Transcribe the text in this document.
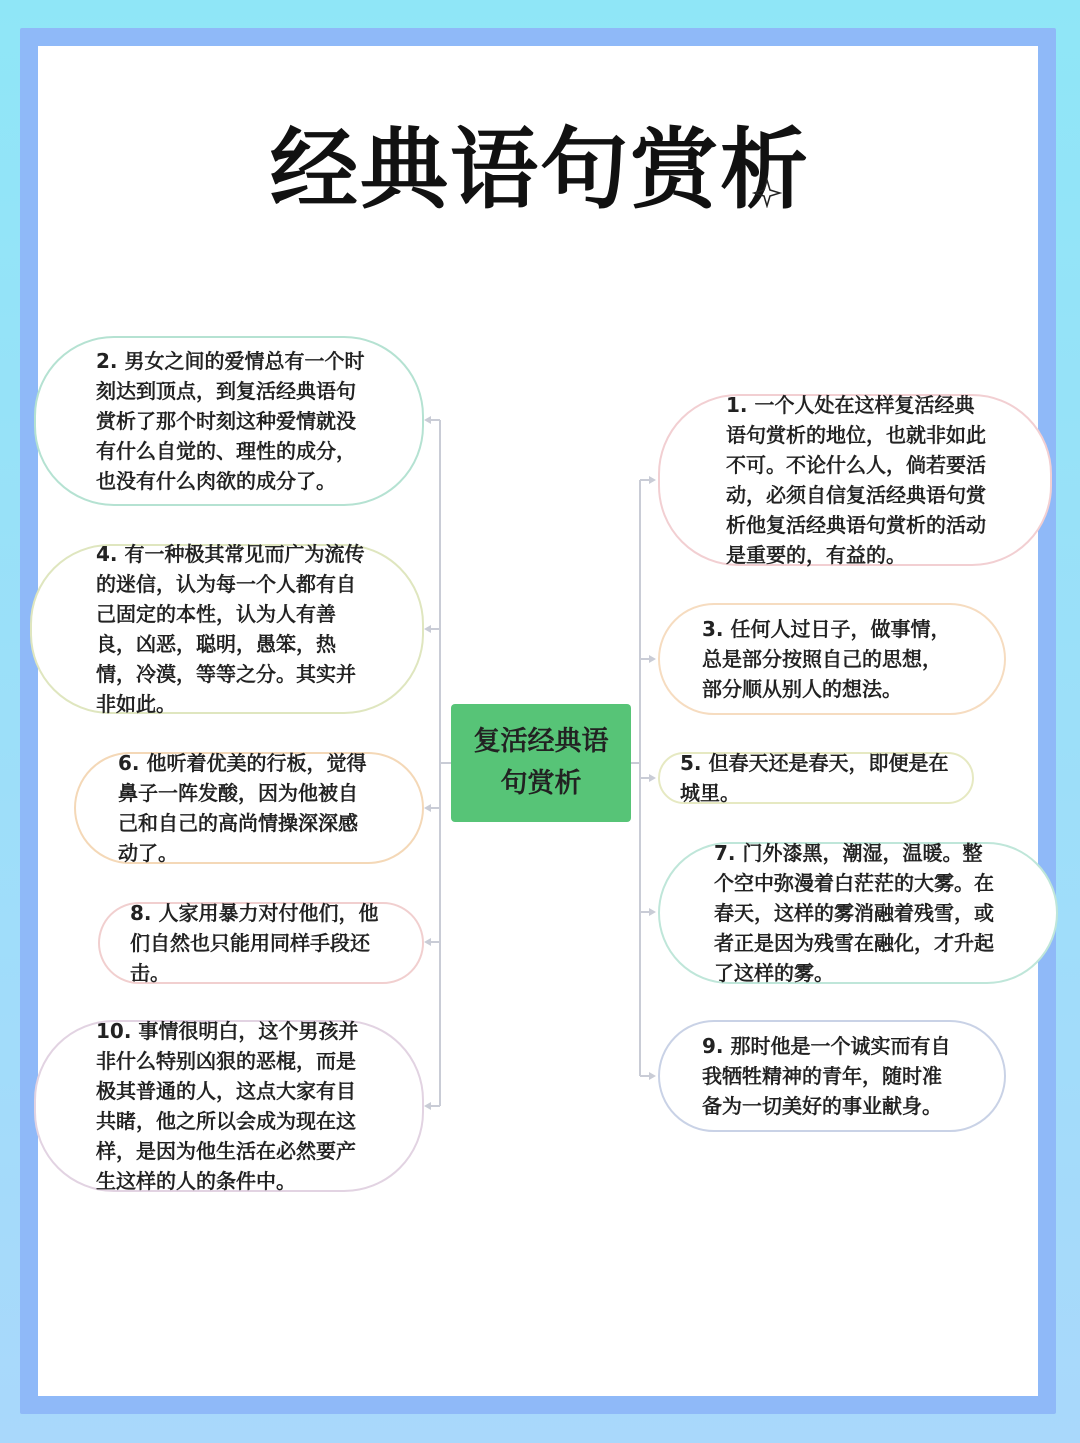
经典语句赏析
复活经典语句赏析
2. 男女之间的爱情总有一个时刻达到顶点，到复活经典语句赏析了那个时刻这种爱情就没有什么自觉的、理性的成分，也没有什么肉欲的成分了。
4. 有一种极其常见而广为流传的迷信，认为每一个人都有自己固定的本性，认为人有善良，凶恶，聪明，愚笨，热情，冷漠，等等之分。其实并非如此。
6. 他听着优美的行板，觉得鼻子一阵发酸，因为他被自己和自己的高尚情操深深感动了。
8. 人家用暴力对付他们，他们自然也只能用同样手段还击。
10. 事情很明白，这个男孩并非什么特别凶狠的恶棍，而是极其普通的人，这点大家有目共睹，他之所以会成为现在这样，是因为他生活在必然要产生这样的人的条件中。
1. 一个人处在这样复活经典语句赏析的地位，也就非如此不可。不论什么人，倘若要活动，必须自信复活经典语句赏析他复活经典语句赏析的活动是重要的，有益的。
3. 任何人过日子，做事情，总是部分按照自己的思想，部分顺从别人的想法。
5. 但春天还是春天，即便是在城里。
7. 门外漆黑，潮湿，温暖。整个空中弥漫着白茫茫的大雾。在春天，这样的雾消融着残雪，或者正是因为残雪在融化，才升起了这样的雾。
9. 那时他是一个诚实而有自我牺牲精神的青年，随时准备为一切美好的事业献身。
